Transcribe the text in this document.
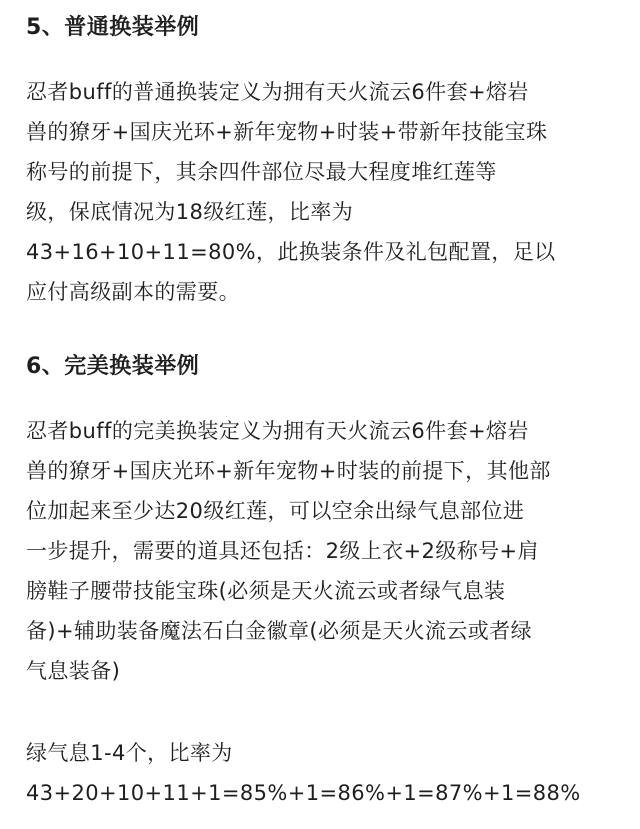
5、普通换装举例

忍者buff的普通换装定义为拥有天火流云6件套+熔岩
兽的獠牙+国庆光环+新年宠物+时装+带新年技能宝珠
称号的前提下，其余四件部位尽最大程度堆红莲等
级，保底情况为18级红莲，比率为
43+16+10+11=80%，此换装条件及礼包配置，足以
应付高级副本的需要。

6、完美换装举例

忍者buff的完美换装定义为拥有天火流云6件套+熔岩
兽的獠牙+国庆光环+新年宠物+时装的前提下，其他部
位加起来至少达20级红莲，可以空余出绿气息部位进
一步提升，需要的道具还包括：2级上衣+2级称号+肩
膀鞋子腰带技能宝珠(必须是天火流云或者绿气息装
备)+辅助装备魔法石白金徽章(必须是天火流云或者绿
气息装备)

绿气息1-4个，比率为
43+20+10+11+1=85%+1=86%+1=87%+1=88%
